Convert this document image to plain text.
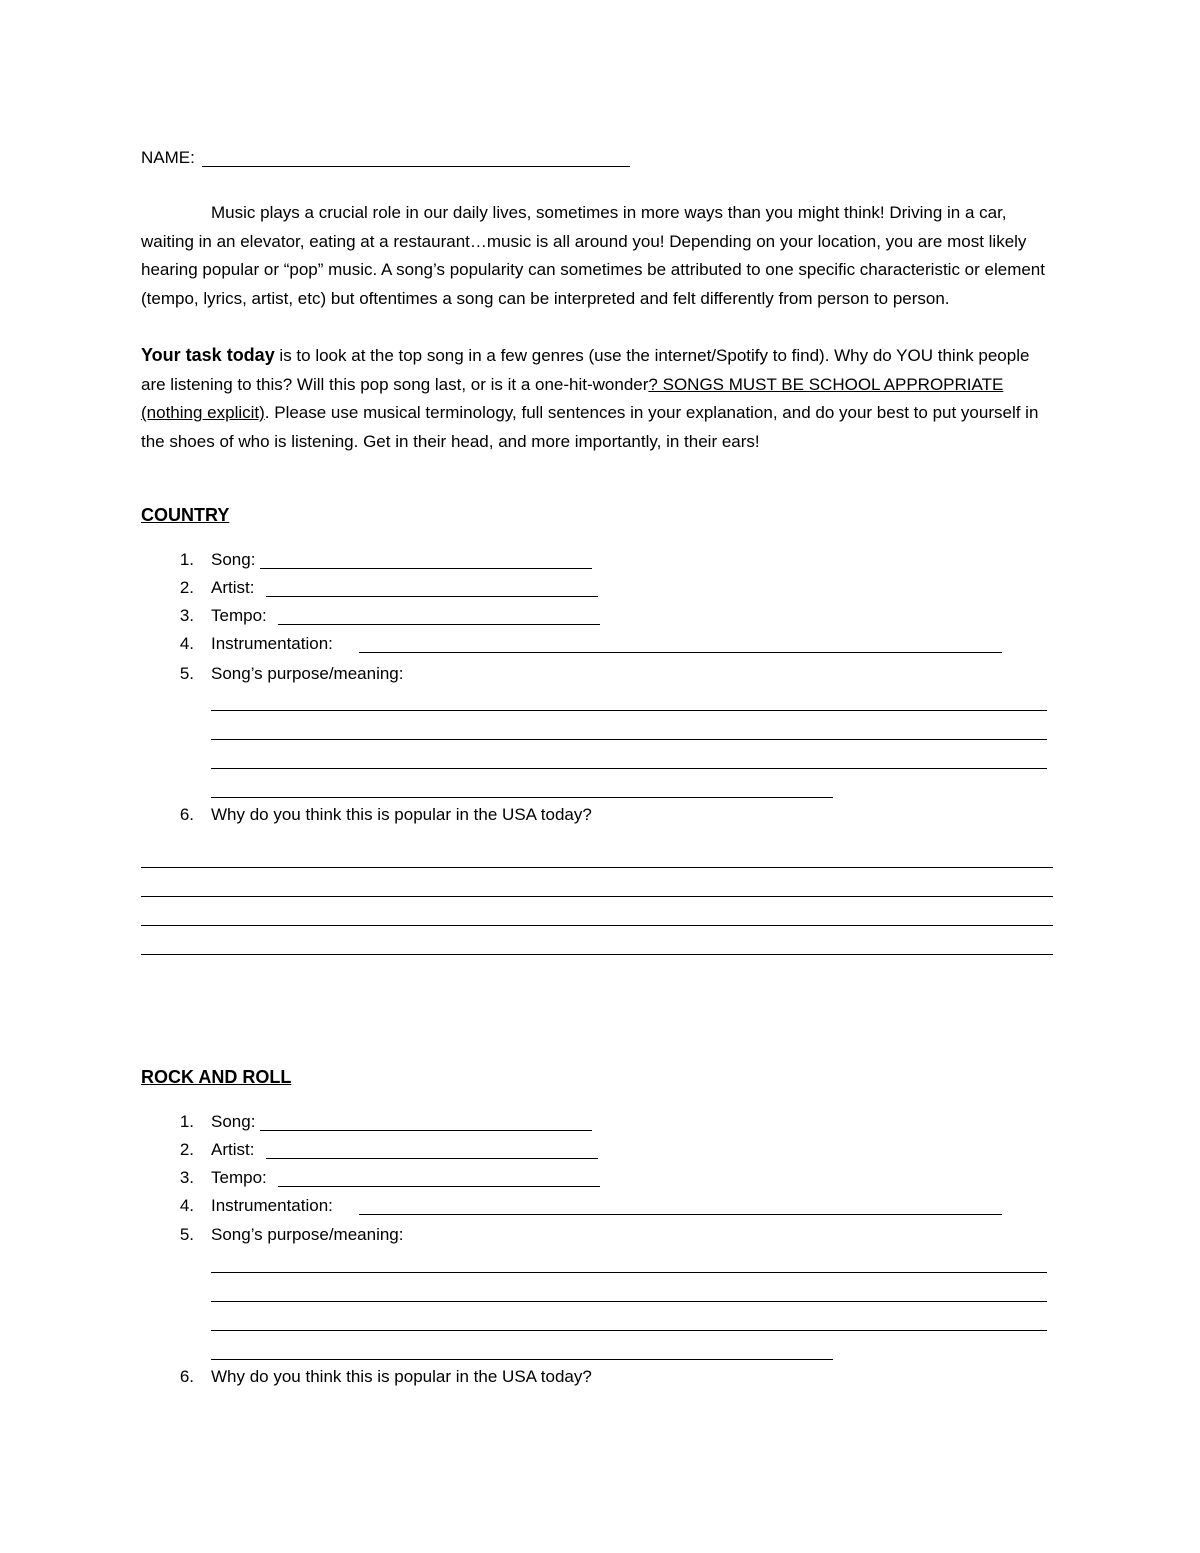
NAME:
Music plays a crucial role in our daily lives, sometimes in more ways than you might think! Driving in a car, waiting in an elevator, eating at a restaurant…music is all around you! Depending on your location, you are most likely hearing popular or “pop” music. A song’s popularity can sometimes be attributed to one specific characteristic or element (tempo, lyrics, artist, etc) but oftentimes a song can be interpreted and felt differently from person to person.
Your task today is to look at the top song in a few genres (use the internet/Spotify to find). Why do YOU think people are listening to this? Will this pop song last, or is it a one-hit-wonder? SONGS MUST BE SCHOOL APPROPRIATE (nothing explicit). Please use musical terminology, full sentences in your explanation, and do your best to put yourself in the shoes of who is listening. Get in their head, and more importantly, in their ears!
COUNTRY
1. Song:
2. Artist:
3. Tempo:
4. Instrumentation:
5. Song’s purpose/meaning:
6. Why do you think this is popular in the USA today?
ROCK AND ROLL
1. Song:
2. Artist:
3. Tempo:
4. Instrumentation:
5. Song’s purpose/meaning:
6. Why do you think this is popular in the USA today?
